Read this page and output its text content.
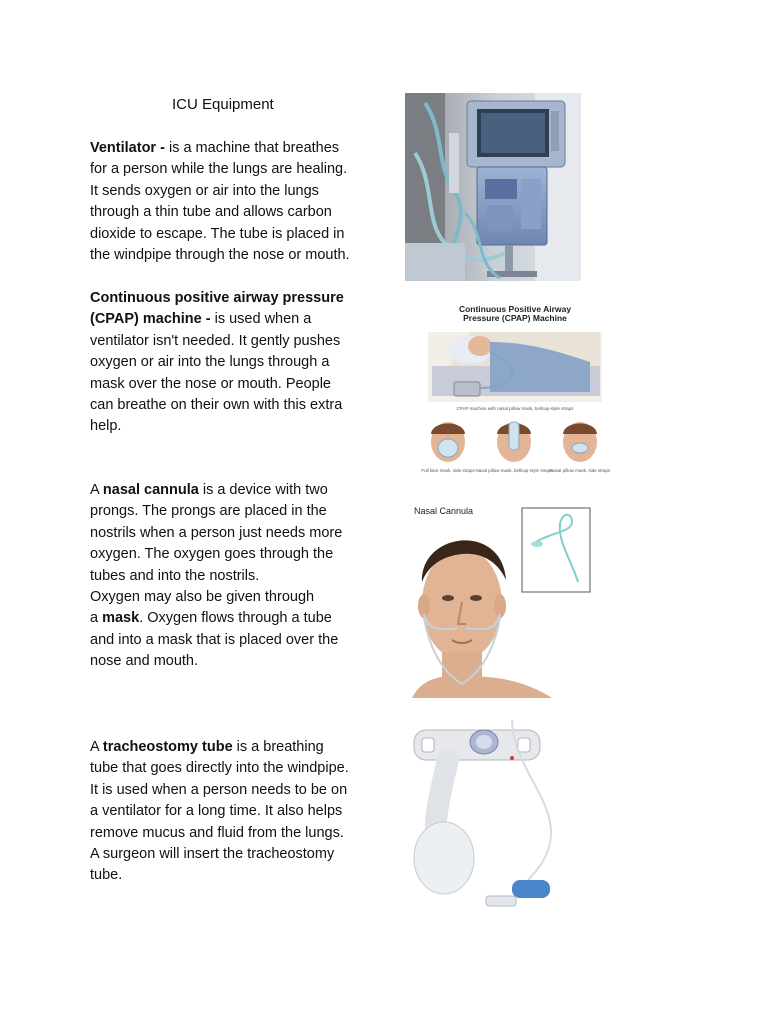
ICU Equipment
Ventilator - is a machine that breathes
for a person while the lungs are healing.
It sends oxygen or air into the lungs
through a thin tube and allows carbon
dioxide to escape. The tube is placed in
the windpipe through the nose or mouth.
Continuous positive airway pressure
(CPAP) machine - is used when a
ventilator isn't needed. It gently pushes
oxygen or air into the lungs through a
mask over the nose or mouth. People
can breathe on their own with this extra
help.
A nasal cannula is a device with two
prongs. The prongs are placed in the
nostrils when a person just needs more
oxygen. The oxygen goes through the
tubes and into the nostrils.
Oxygen may also be given through
a mask. Oxygen flows through a tube
and into a mask that is placed over the
nose and mouth.
A tracheostomy tube is a breathing
tube that goes directly into the windpipe.
It is used when a person needs to be on
a ventilator for a long time. It also helps
remove mucus and fluid from the lungs.
A surgeon will insert the tracheostomy
tube.
Continuous Positive Airway
Pressure (CPAP) Machine
CPAP machine with nasal pillow mask, bellcap-style straps
Full face mask, side straps Nasal pillow mask, bellcap-style straps
Nasal pillow mask, side straps
Nasal Cannula
